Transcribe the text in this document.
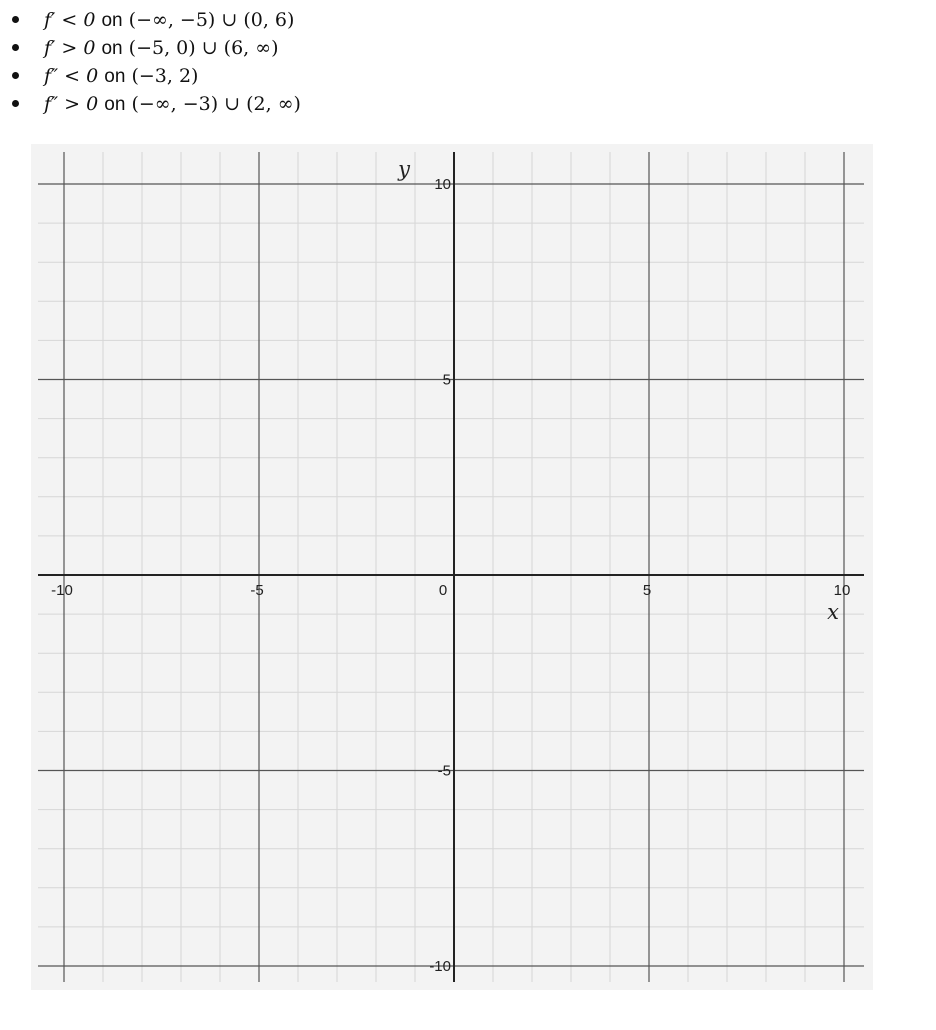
f′ < 0 on (−∞, −5) ∪ (0, 6)
f′ > 0 on (−5, 0) ∪ (6, ∞)
f″ < 0 on (−3, 2)
f″ > 0 on (−∞, −3) ∪ (2, ∞)
-10	-5	0	5	10
10
5
-5
-10
x
y
